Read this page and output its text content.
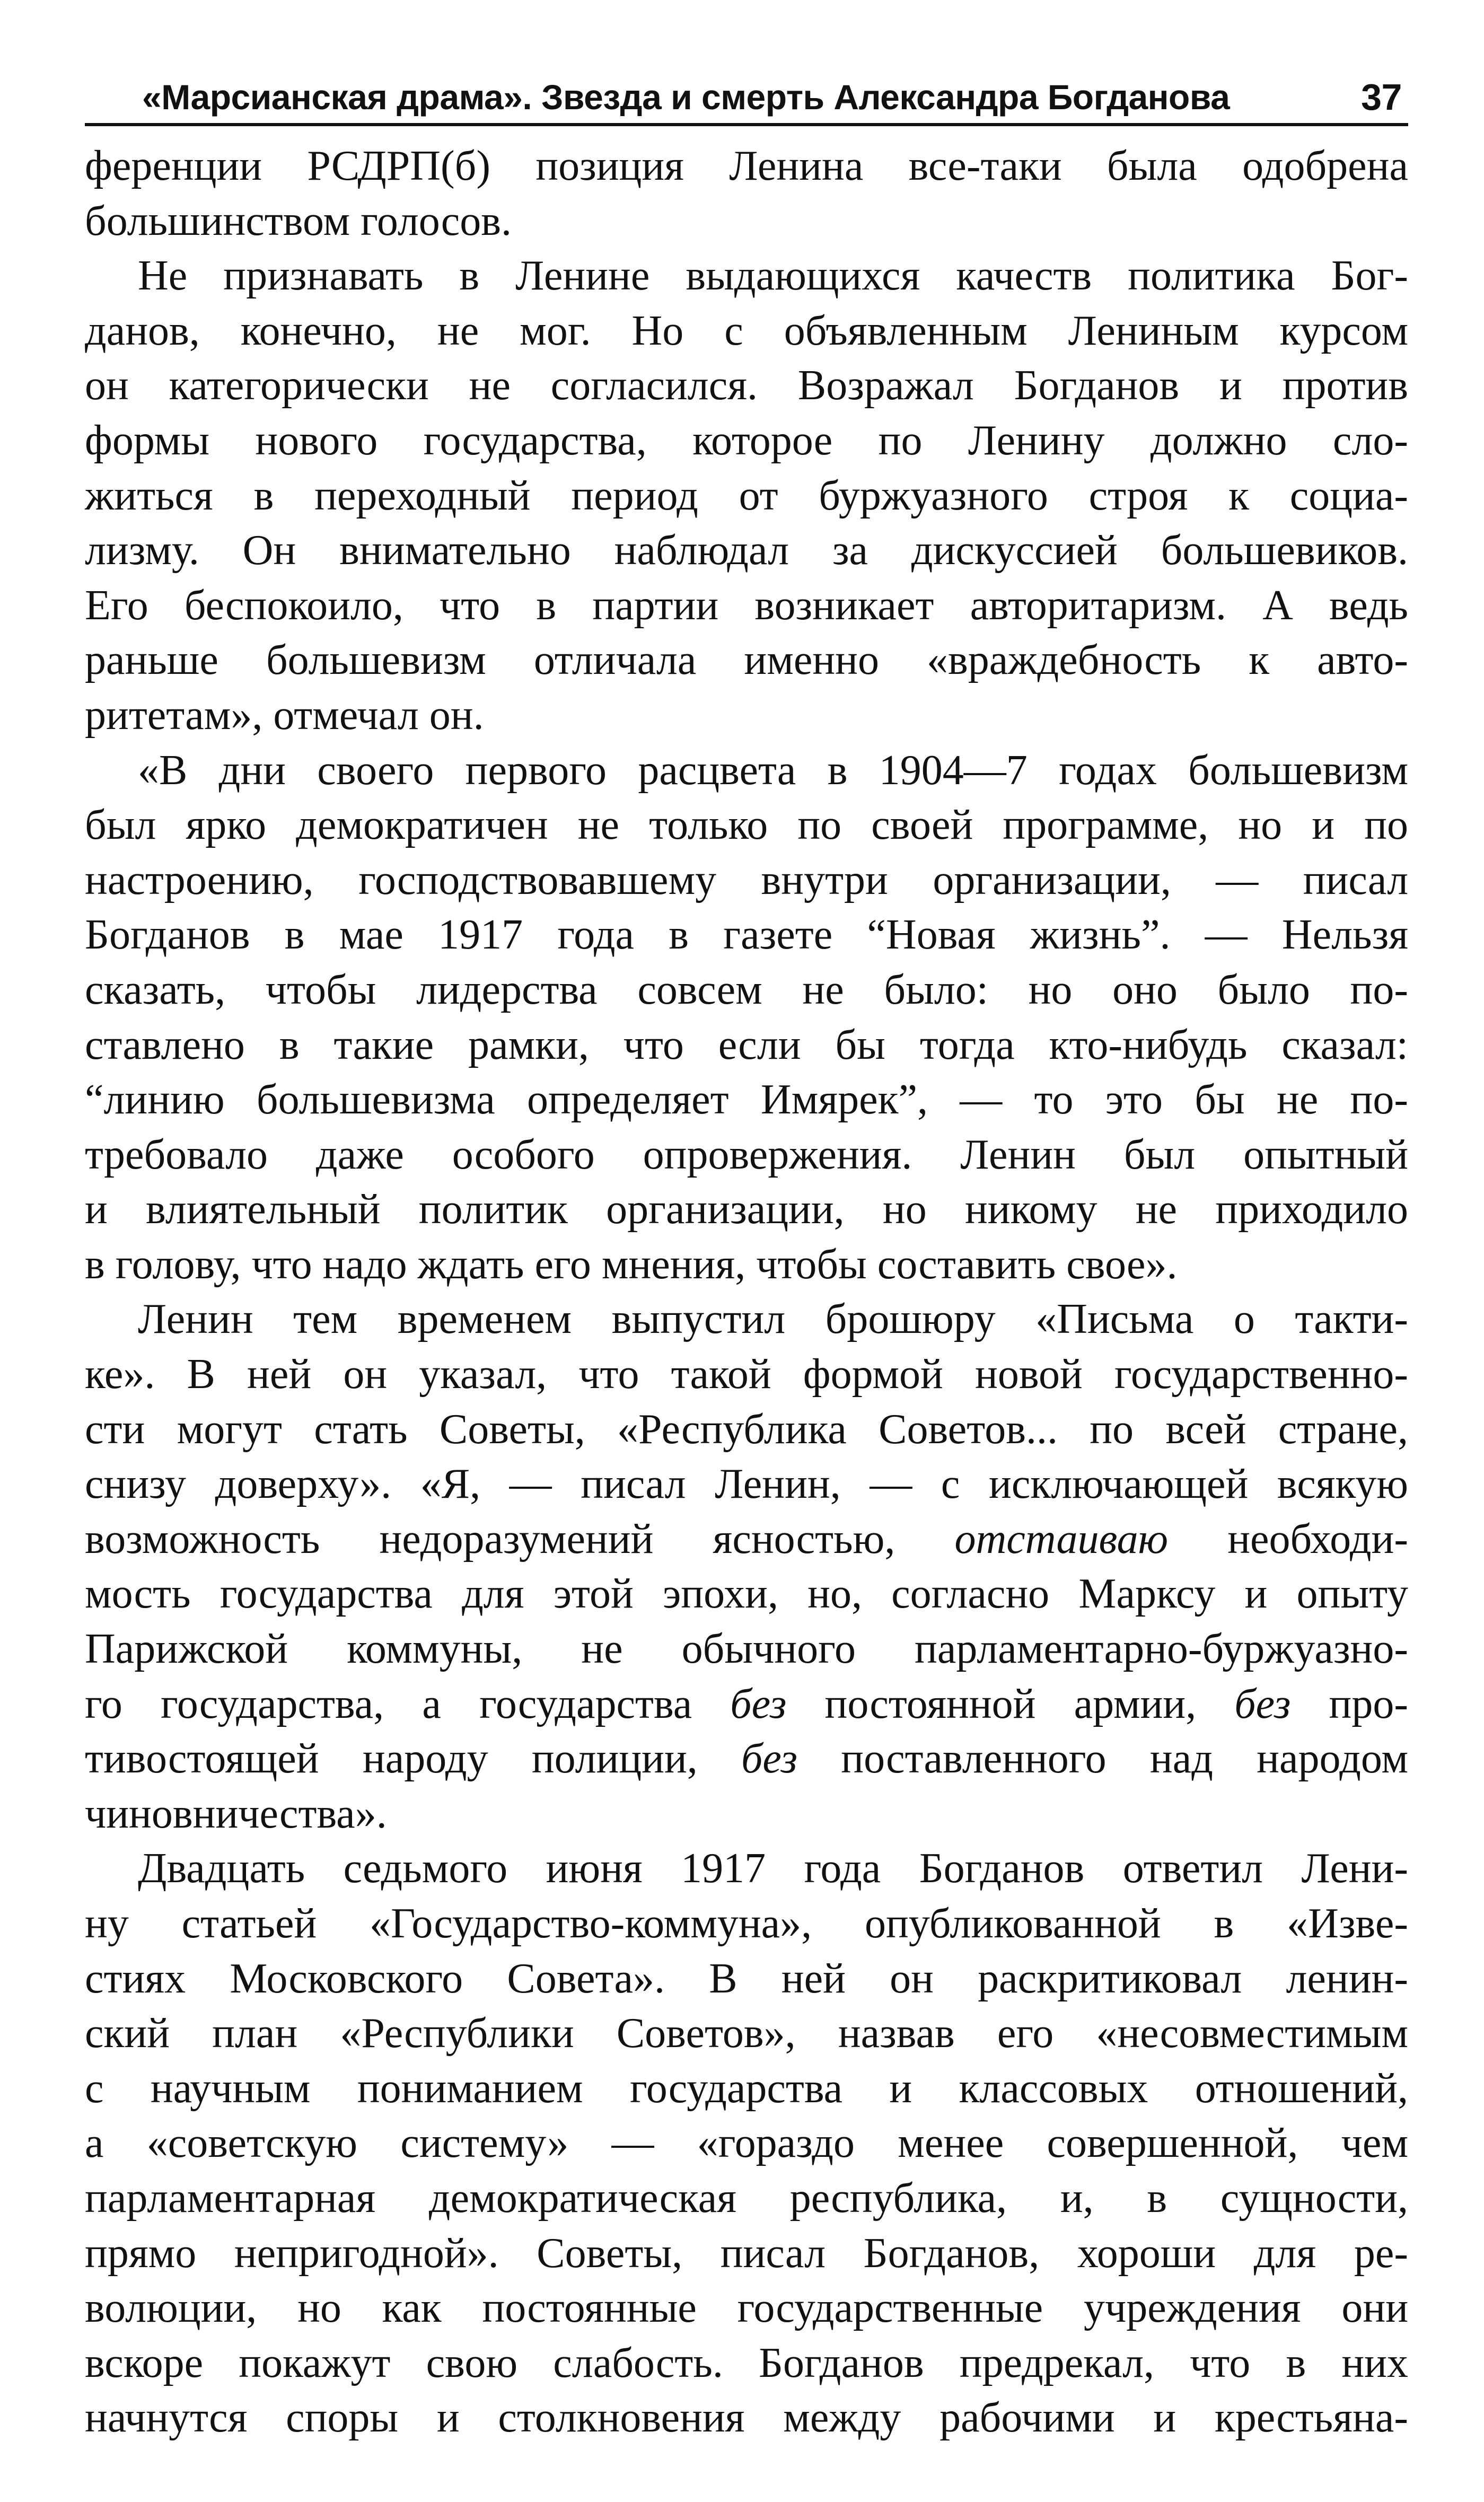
«Марсианская драма». Звезда и смерть Александра Богданова	37

ференции РСДРП(б) позиция Ленина все-таки была одобрена
большинством голосов.

Не признавать в Ленине выдающихся качеств политика Бог-
данов, конечно, не мог. Но с объявленным Лениным курсом
он категорически не согласился. Возражал Богданов и против
формы нового государства, которое по Ленину должно сло-
житься в переходный период от буржуазного строя к социа-
лизму. Он внимательно наблюдал за дискуссией большевиков.
Его беспокоило, что в партии возникает авторитаризм. А ведь
раньше большевизм отличала именно «враждебность к авто-
ритетам», отмечал он.

«В дни своего первого расцвета в 1904—7 годах большевизм
был ярко демократичен не только по своей программе, но и по
настроению, господствовавшему внутри организации, — писал
Богданов в мае 1917 года в газете “Новая жизнь”. — Нельзя
сказать, чтобы лидерства совсем не было: но оно было по-
ставлено в такие рамки, что если бы тогда кто-нибудь сказал:
“линию большевизма определяет Имярек”, — то это бы не по-
требовало даже особого опровержения. Ленин был опытный
и влиятельный политик организации, но никому не приходило
в голову, что надо ждать его мнения, чтобы составить свое».

Ленин тем временем выпустил брошюру «Письма о такти-
ке». В ней он указал, что такой формой новой государственно-
сти могут стать Советы, «Республика Советов... по всей стране,
снизу доверху». «Я, — писал Ленин, — с исключающей всякую
возможность недоразумений ясностью, отстаиваю необходи-
мость государства для этой эпохи, но, согласно Марксу и опыту
Парижской коммуны, не обычного парламентарно-буржуазно-
го государства, а государства без постоянной армии, без про-
тивостоящей народу полиции, без поставленного над народом
чиновничества».

Двадцать седьмого июня 1917 года Богданов ответил Лени-
ну статьей «Государство-коммуна», опубликованной в «Изве-
стиях Московского Совета». В ней он раскритиковал ленин-
ский план «Республики Советов», назвав его «несовместимым
с научным пониманием государства и классовых отношений,
а «советскую систему» — «гораздо менее совершенной, чем
парламентарная демократическая республика, и, в сущности,
прямо непригодной». Советы, писал Богданов, хороши для ре-
волюции, но как постоянные государственные учреждения они
вскоре покажут свою слабость. Богданов предрекал, что в них
начнутся споры и столкновения между рабочими и крестьяна-
